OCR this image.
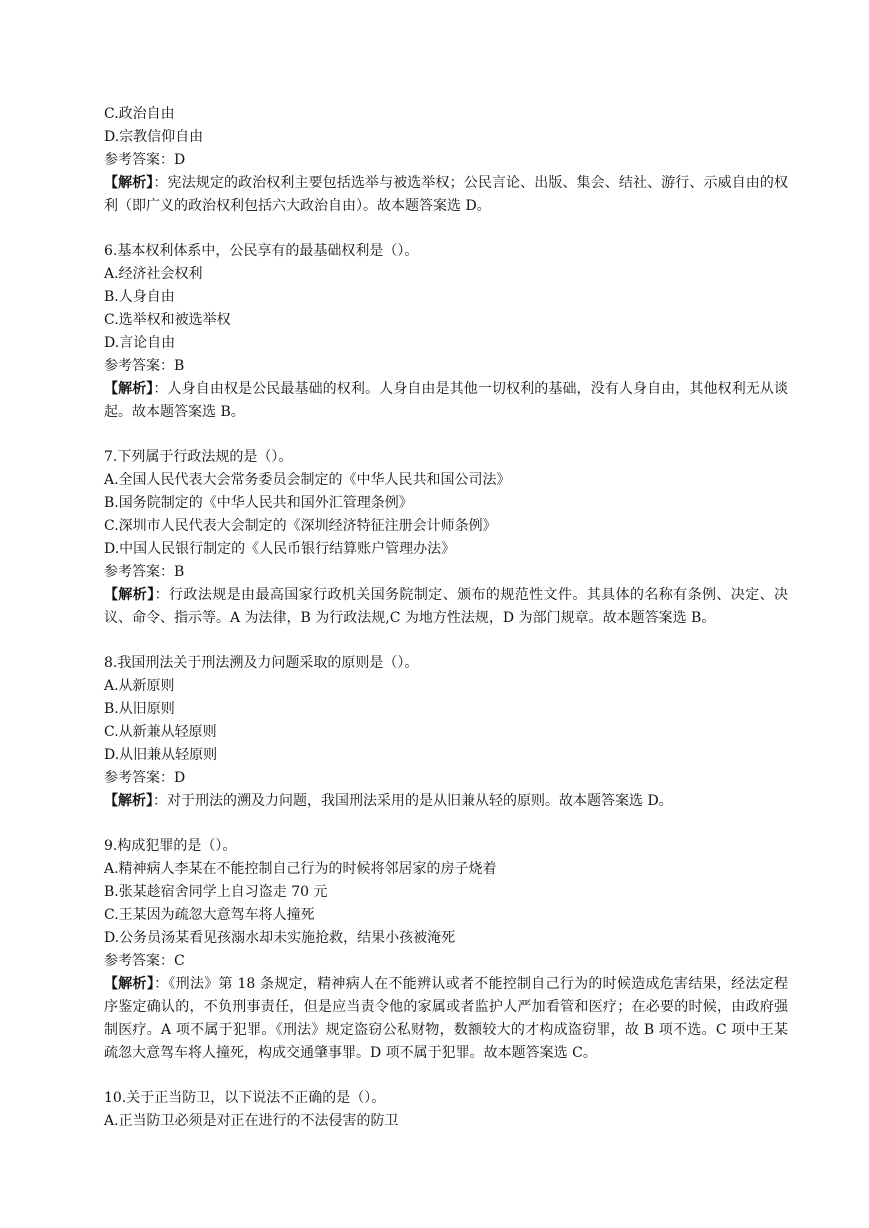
C.政治自由
D.宗教信仰自由
参考答案：D
【解析】：宪法规定的政治权利主要包括选举与被选举权；公民言论、出版、集会、结社、游行、示威自由的权利（即广义的政治权利包括六大政治自由）。故本题答案选 D。
6.基本权利体系中，公民享有的最基础权利是（）。
A.经济社会权利
B.人身自由
C.选举权和被选举权
D.言论自由
参考答案：B
【解析】：人身自由权是公民最基础的权利。人身自由是其他一切权利的基础，没有人身自由，其他权利无从谈起。故本题答案选 B。
7.下列属于行政法规的是（）。
A.全国人民代表大会常务委员会制定的《中华人民共和国公司法》
B.国务院制定的《中华人民共和国外汇管理条例》
C.深圳市人民代表大会制定的《深圳经济特征注册会计师条例》
D.中国人民银行制定的《人民币银行结算账户管理办法》
参考答案：B
【解析】：行政法规是由最高国家行政机关国务院制定、颁布的规范性文件。其具体的名称有条例、决定、决议、命令、指示等。A 为法律，B 为行政法规,C 为地方性法规，D 为部门规章。故本题答案选 B。
8.我国刑法关于刑法溯及力问题采取的原则是（）。
A.从新原则
B.从旧原则
C.从新兼从轻原则
D.从旧兼从轻原则
参考答案：D
【解析】：对于刑法的溯及力问题，我国刑法采用的是从旧兼从轻的原则。故本题答案选 D。
9.构成犯罪的是（）。
A.精神病人李某在不能控制自己行为的时候将邻居家的房子烧着
B.张某趁宿舍同学上自习盗走 70 元
C.王某因为疏忽大意驾车将人撞死
D.公务员汤某看见孩溺水却未实施抢救，结果小孩被淹死
参考答案：C
【解析】：《刑法》第 18 条规定，精神病人在不能辨认或者不能控制自己行为的时候造成危害结果，经法定程序鉴定确认的，不负刑事责任，但是应当责令他的家属或者监护人严加看管和医疗；在必要的时候，由政府强制医疗。A 项不属于犯罪。《刑法》规定盗窃公私财物，数额较大的才构成盗窃罪，故 B 项不选。C 项中王某疏忽大意驾车将人撞死，构成交通肇事罪。D 项不属于犯罪。故本题答案选 C。
10.关于正当防卫，以下说法不正确的是（）。
A.正当防卫必须是对正在进行的不法侵害的防卫
